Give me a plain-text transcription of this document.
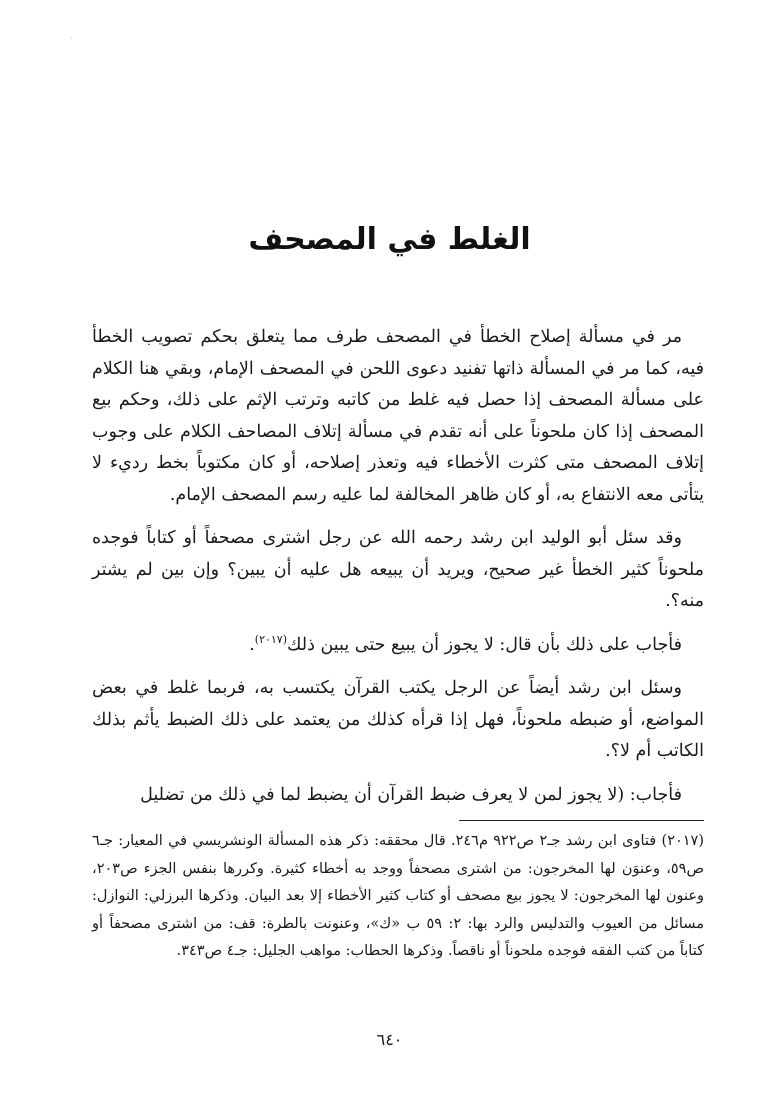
·
الغلط في المصحف

مر في مسألة إصلاح الخطأ في المصحف طرف مما يتعلق بحكم تصويب الخطأ فيه، كما مر في المسألة ذاتها تفنيد دعوى اللحن في المصحف الإمام، وبقي هنا الكلام على مسألة المصحف إذا حصل فيه غلط من كاتبه وترتب الإثم على ذلك، وحكم بيع المصحف إذا كان ملحوناً على أنه تقدم في مسألة إتلاف المصاحف الكلام على وجوب إتلاف المصحف متى كثرت الأخطاء فيه وتعذر إصلاحه، أو كان مكتوباً بخط رديء لا يتأتى معه الانتفاع به، أو كان ظاهر المخالفة لما عليه رسم المصحف الإمام.

وقد سئل أبو الوليد ابن رشد رحمه الله عن رجل اشترى مصحفاً أو كتاباً فوجده ملحوناً كثير الخطأ غير صحيح، ويريد أن يبيعه هل عليه أن يبين؟ وإن بين لم يشتر منه؟.

فأجاب على ذلك بأن قال: لا يجوز أن يبيع حتى يبين ذلك$^{(٢٠١٧)}$.

وسئل ابن رشد أيضاً عن الرجل يكتب القرآن يكتسب به، فربما غلط في بعض المواضع، أو ضبطه ملحوناً، فهل إذا قرأه كذلك من يعتمد على ذلك الضبط يأثم بذلك الكاتب أم لا؟.

فأجاب: (لا يجوز لمن لا يعرف ضبط القرآن أن يضبط لما في ذلك من تضليل

(٢٠١٧) فتاوى ابن رشد جـ٢ ص٩٢٢ م٢٤٦. قال محققه: ذكر هذه المسألة الونشريسي في المعيار: جـ٦ ص٥٩، وعنوَن لها المخرجون: من اشترى مصحفاً ووجد به أخطاء كثيرة. وكررها بنفس الجزء ص٢٠٣، وعنون لها المخرجون: لا يجوز بيع مصحف أو كتاب كثير الأخطاء إلا بعد البيان. وذكرها البرزلي: النوازل: مسائل من العيوب والتدليس والرد بها: ٢: ٥٩ ب «ك»، وعنونت بالطرة: قف: من اشترى مصحفاً أو كتاباً من كتب الفقه فوجده ملحوناً أو ناقصاً. وذكرها الحطاب: مواهب الجليل: جـ٤ ص٣٤٣.

٦٤٠
